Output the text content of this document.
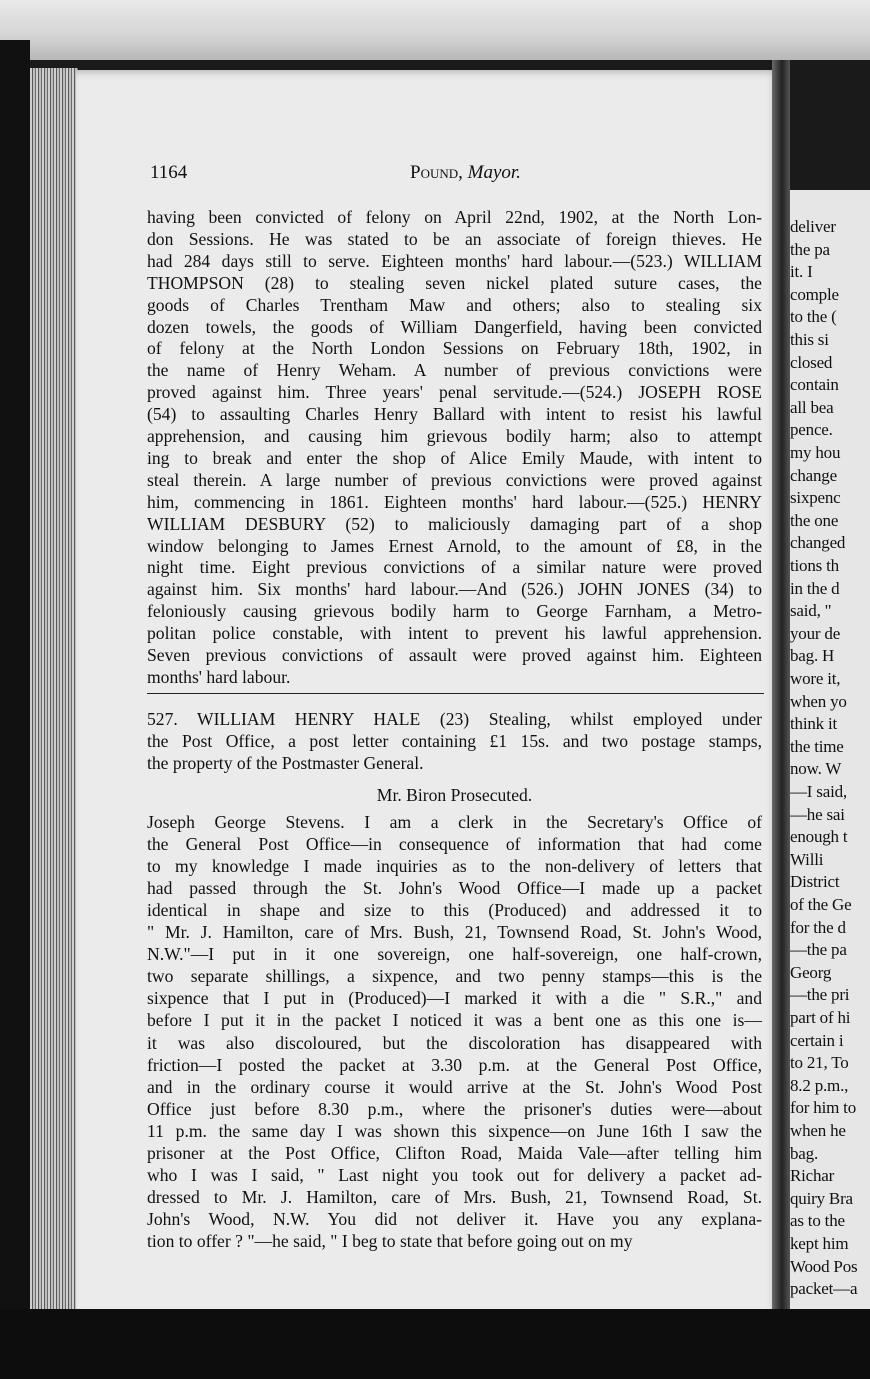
deliver
the pa
it. I
comple
to the (
this si
closed
contain
all bea
pence.
my hou
change
sixpenc
the one
changed
tions th
in the d
said, "
your de
bag. H
wore it,
when yo
think it
the time
now. W
—I said,
—he sai
enough t
Willi
District
of the Ge
for the d
—the pa
Georg
—the pri
part of hi
certain i
to 21, To
8.2 p.m.,
for him to
when he
bag.
Richar
quiry Bra
as to the
kept him
Wood Pos
packet—a
1164	Pound, Mayor.
having been convicted of felony on April 22nd, 1902, at the North Lon-
don Sessions. He was stated to be an associate of foreign thieves. He
had 284 days still to serve. Eighteen months' hard labour.—(523.) WILLIAM
THOMPSON (28) to stealing seven nickel plated suture cases, the
goods of Charles Trentham Maw and others; also to stealing six
dozen towels, the goods of William Dangerfield, having been convicted
of felony at the North London Sessions on February 18th, 1902, in
the name of Henry Weham. A number of previous convictions were
proved against him. Three years' penal servitude.—(524.) JOSEPH ROSE
(54) to assaulting Charles Henry Ballard with intent to resist his lawful
apprehension, and causing him grievous bodily harm; also to attempt
ing to break and enter the shop of Alice Emily Maude, with intent to
steal therein. A large number of previous convictions were proved against
him, commencing in 1861. Eighteen months' hard labour.—(525.) HENRY
WILLIAM DESBURY (52) to maliciously damaging part of a shop
window belonging to James Ernest Arnold, to the amount of £8, in the
night time. Eight previous convictions of a similar nature were proved
against him. Six months' hard labour.—And (526.) JOHN JONES (34) to
feloniously causing grievous bodily harm to George Farnham, a Metro-
politan police constable, with intent to prevent his lawful apprehension.
Seven previous convictions of assault were proved against him. Eighteen
months' hard labour.
527. WILLIAM HENRY HALE (23) Stealing, whilst employed under
the Post Office, a post letter containing £1 15s. and two postage stamps,
the property of the Postmaster General.
Mr. Biron Prosecuted.
Joseph George Stevens. I am a clerk in the Secretary's Office of
the General Post Office—in consequence of information that had come
to my knowledge I made inquiries as to the non-delivery of letters that
had passed through the St. John's Wood Office—I made up a packet
identical in shape and size to this (Produced) and addressed it to
" Mr. J. Hamilton, care of Mrs. Bush, 21, Townsend Road, St. John's Wood,
N.W."—I put in it one sovereign, one half-sovereign, one half-crown,
two separate shillings, a sixpence, and two penny stamps—this is the
sixpence that I put in (Produced)—I marked it with a die " S.R.," and
before I put it in the packet I noticed it was a bent one as this one is—
it was also discoloured, but the discoloration has disappeared with
friction—I posted the packet at 3.30 p.m. at the General Post Office,
and in the ordinary course it would arrive at the St. John's Wood Post
Office just before 8.30 p.m., where the prisoner's duties were—about
11 p.m. the same day I was shown this sixpence—on June 16th I saw the
prisoner at the Post Office, Clifton Road, Maida Vale—after telling him
who I was I said, " Last night you took out for delivery a packet ad-
dressed to Mr. J. Hamilton, care of Mrs. Bush, 21, Townsend Road, St.
John's Wood, N.W. You did not deliver it. Have you any explana-
tion to offer ? "—he said, " I beg to state that before going out on my
